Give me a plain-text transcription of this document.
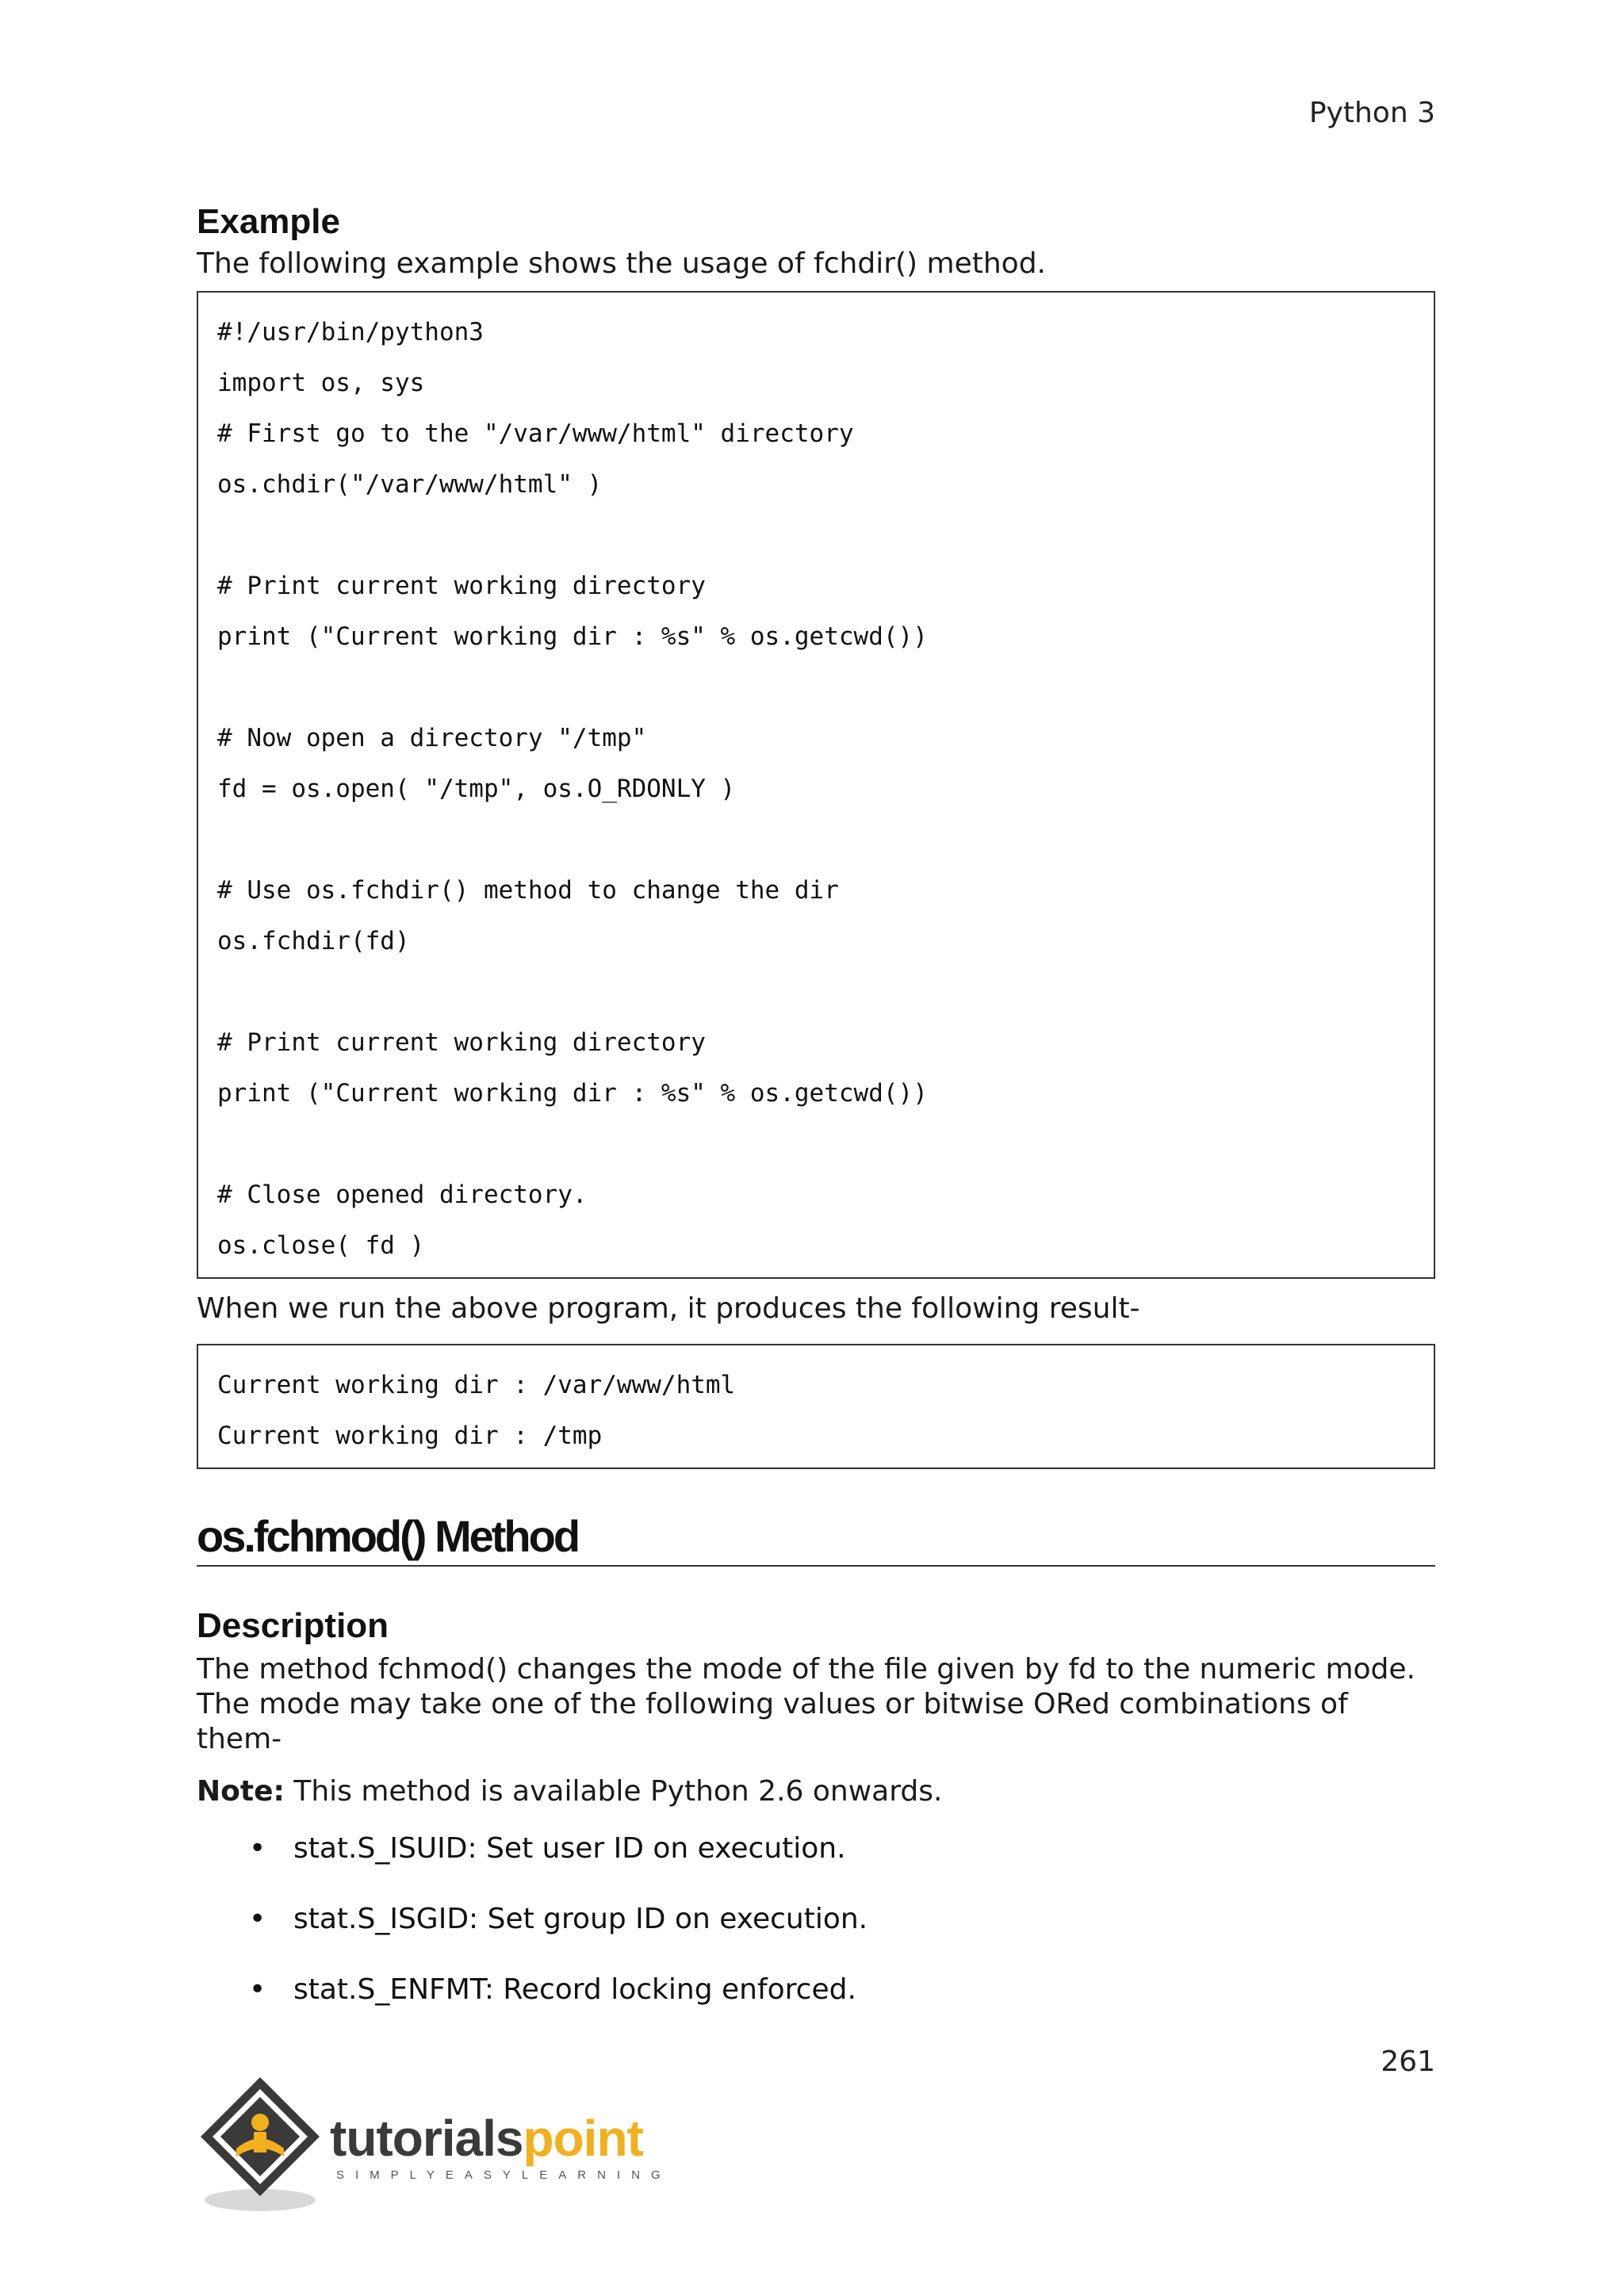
Python 3
Example

The following example shows the usage of fchdir() method.

#!/usr/bin/python3
import os, sys
# First go to the "/var/www/html" directory
os.chdir("/var/www/html" )
# Print current working directory
print ("Current working dir : %s" % os.getcwd())
# Now open a directory "/tmp"
fd = os.open( "/tmp", os.O_RDONLY )
# Use os.fchdir() method to change the dir
os.fchdir(fd)
# Print current working directory
print ("Current working dir : %s" % os.getcwd())
# Close opened directory.
os.close( fd )

When we run the above program, it produces the following result-

Current working dir : /var/www/html
Current working dir : /tmp
os.fchmod() Method
Description

The method fchmod() changes the mode of the file given by fd to the numeric mode. The mode may take one of the following values or bitwise ORed combinations of them-

Note: This method is available Python 2.6 onwards.

• stat.S_ISUID: Set user ID on execution.
• stat.S_ISGID: Set group ID on execution.
• stat.S_ENFMT: Record locking enforced.
261
tutorialspoint
SIMPLYEASYLEARNING
